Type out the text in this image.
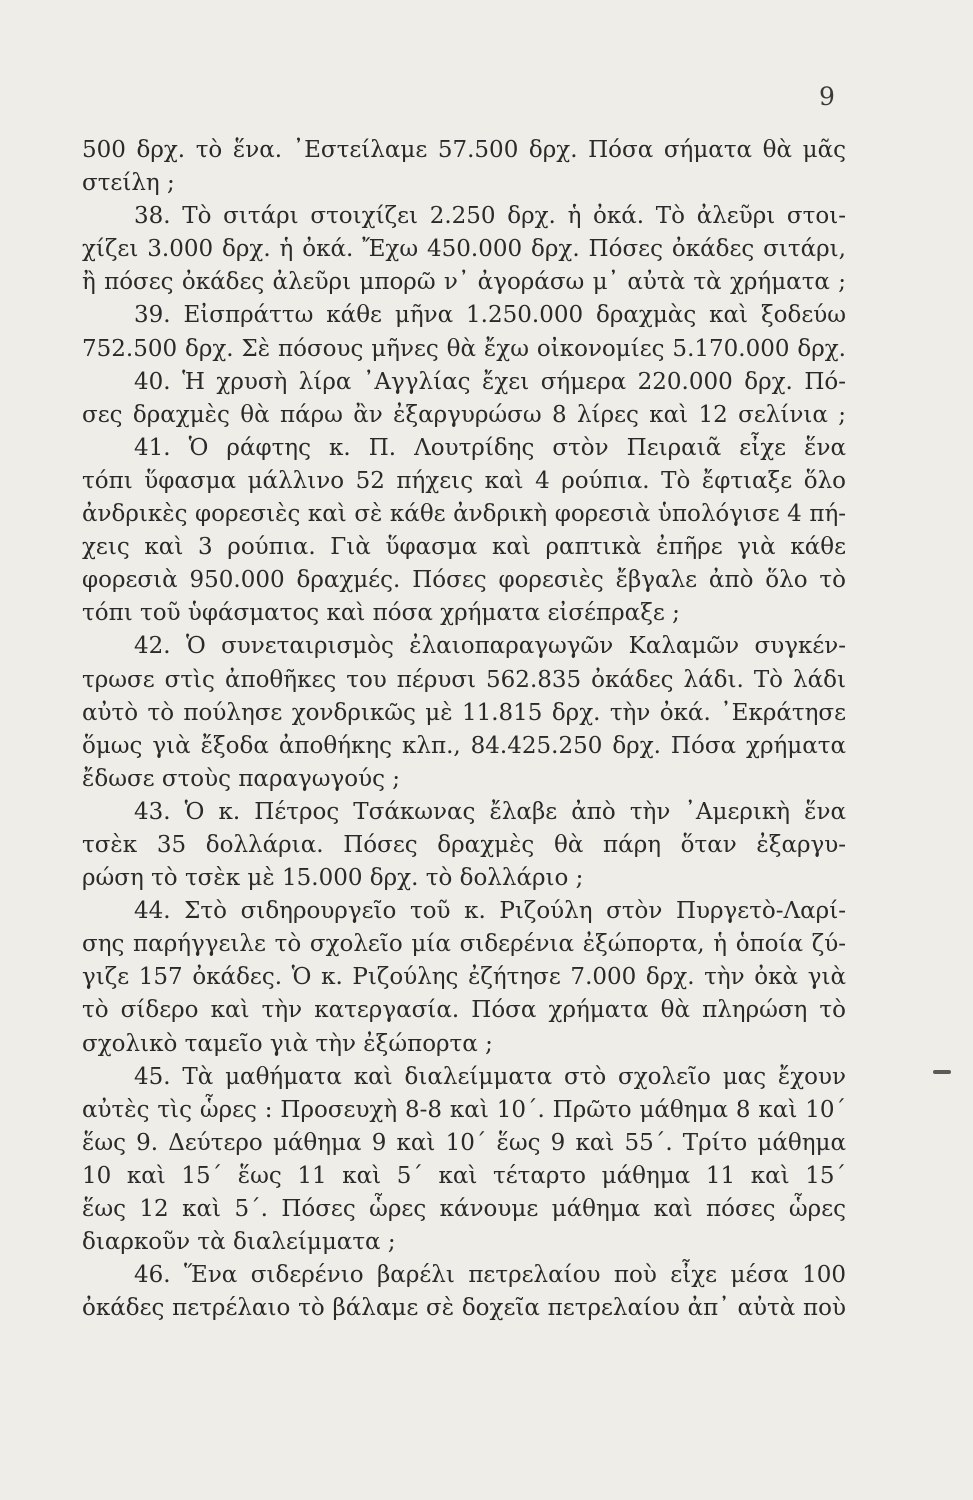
9
500 δρχ. τὸ ἕνα. ᾽Εστείλαμε 57.500 δρχ. Πόσα σήματα θὰ μᾶς
στείλη ;
38. Τὸ σιτάρι στοιχίζει 2.250 δρχ. ἡ ὀκά. Τὸ ἀλεῦρι στοι-
χίζει 3.000 δρχ. ἡ ὀκά. Ἔχω 450.000 δρχ. Πόσες ὀκάδες σιτάρι,
ἢ πόσες ὀκάδες ἀλεῦρι μπορῶ ν᾽ ἀγοράσω μ᾽ αὐτὰ τὰ χρήματα ;
39. Εἰσπράττω κάθε μῆνα 1.250.000 δραχμὰς καὶ ξοδεύω
752.500 δρχ. Σὲ πόσους μῆνες θὰ ἔχω οἰκονομίες 5.170.000 δρχ.
40. Ἡ χρυσὴ λίρα ᾽Αγγλίας ἔχει σήμερα 220.000 δρχ. Πό-
σες δραχμὲς θὰ πάρω ἂν ἐξαργυρώσω 8 λίρες καὶ 12 σελίνια ;
41. Ὁ ράφτης κ. Π. Λουτρίδης στὸν Πειραιᾶ εἶχε ἕνα
τόπι ὕφασμα μάλλινο 52 πήχεις καὶ 4 ρούπια. Τὸ ἔφτιαξε ὅλο
ἀνδρικὲς φορεσιὲς καὶ σὲ κάθε ἀνδρικὴ φορεσιὰ ὑπολόγισε 4 πή-
χεις καὶ 3 ρούπια. Γιὰ ὕφασμα καὶ ραπτικὰ ἐπῆρε γιὰ κάθε
φορεσιὰ 950.000 δραχμές. Πόσες φορεσιὲς ἔβγαλε ἀπὸ ὅλο τὸ
τόπι τοῦ ὑφάσματος καὶ πόσα χρήματα εἰσέπραξε ;
42. Ὁ συνεταιρισμὸς ἐλαιοπαραγωγῶν Καλαμῶν συγκέν-
τρωσε στὶς ἀποθῆκες του πέρυσι 562.835 ὀκάδες λάδι. Τὸ λάδι
αὐτὸ τὸ πούλησε χονδρικῶς μὲ 11.815 δρχ. τὴν ὀκά. ᾽Εκράτησε
ὅμως γιὰ ἔξοδα ἀποθήκης κλπ., 84.425.250 δρχ. Πόσα χρήματα
ἔδωσε στοὺς παραγωγούς ;
43. Ὁ κ. Πέτρος Τσάκωνας ἔλαβε ἀπὸ τὴν ᾽Αμερικὴ ἕνα
τσὲκ 35 δολλάρια. Πόσες δραχμὲς θὰ πάρη ὅταν ἐξαργυ-
ρώση τὸ τσὲκ μὲ 15.000 δρχ. τὸ δολλάριο ;
44. Στὸ σιδηρουργεῖο τοῦ κ. Ριζούλη στὸν Πυργετὸ-Λαρί-
σης παρήγγειλε τὸ σχολεῖο μία σιδερένια ἐξώπορτα, ἡ ὁποία ζύ-
γιζε 157 ὀκάδες. Ὁ κ. Ριζούλης ἐζήτησε 7.000 δρχ. τὴν ὀκὰ γιὰ
τὸ σίδερο καὶ τὴν κατεργασία. Πόσα χρήματα θὰ πληρώση τὸ
σχολικὸ ταμεῖο γιὰ τὴν ἐξώπορτα ;
45. Τὰ μαθήματα καὶ διαλείμματα στὸ σχολεῖο μας ἔχουν
αὐτὲς τὶς ὧρες : Προσευχὴ 8-8 καὶ 10΄. Πρῶτο μάθημα 8 καὶ 10΄
ἕως 9. Δεύτερο μάθημα 9 καὶ 10΄ ἕως 9 καὶ 55΄. Τρίτο μάθημα
10 καὶ 15΄ ἕως 11 καὶ 5΄ καὶ τέταρτο μάθημα 11 καὶ 15΄
ἕως 12 καὶ 5΄. Πόσες ὧρες κάνουμε μάθημα καὶ πόσες ὧρες
διαρκοῦν τὰ διαλείμματα ;
46. Ἕνα σιδερένιο βαρέλι πετρελαίου ποὺ εἶχε μέσα 100
ὀκάδες πετρέλαιο τὸ βάλαμε σὲ δοχεῖα πετρελαίου ἀπ᾽ αὐτὰ ποὺ
